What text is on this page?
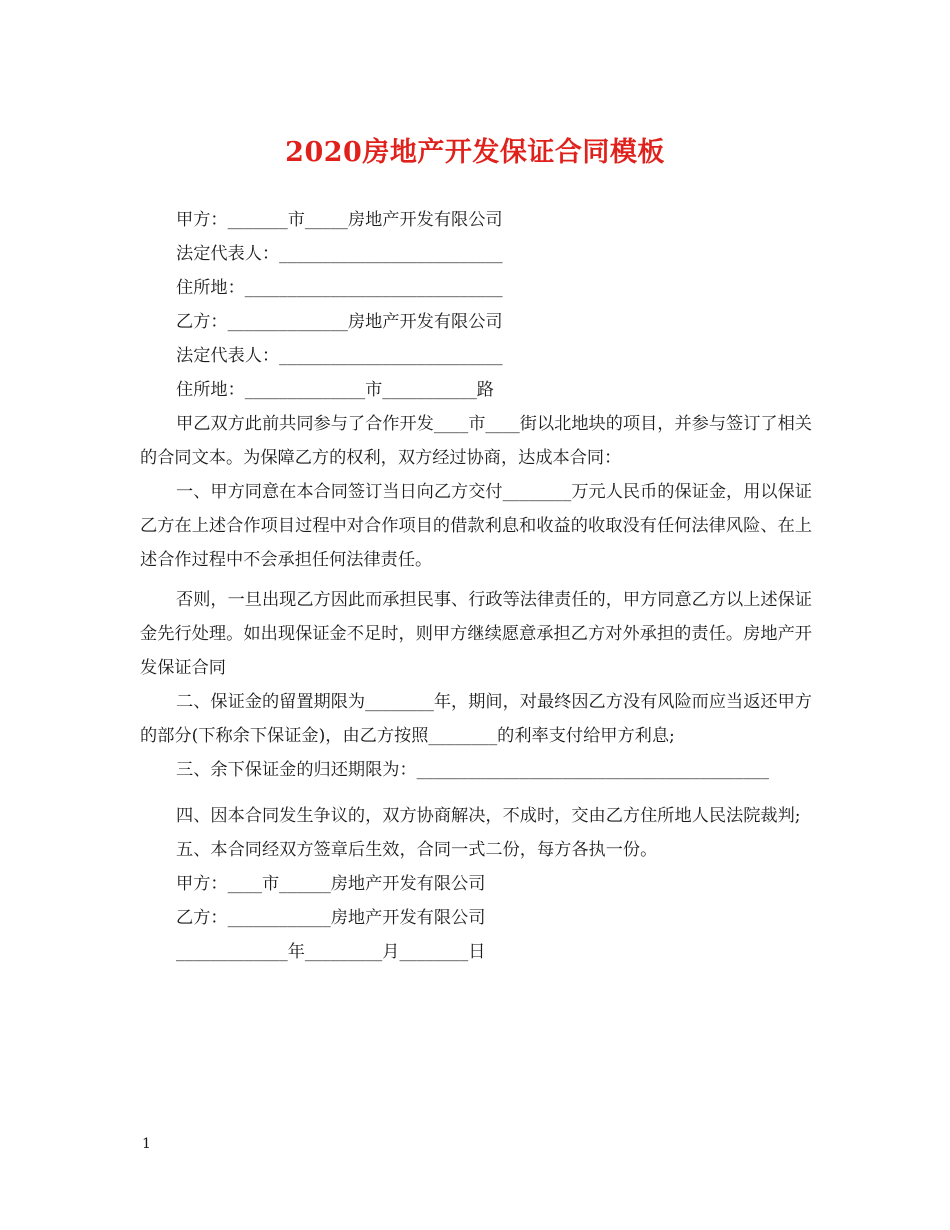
2020房地产开发保证合同模板
甲方：_______市_____房地产开发有限公司
法定代表人：__________________________
住所地：______________________________
乙方：______________房地产开发有限公司
法定代表人：__________________________
住所地：______________市___________路
甲乙双方此前共同参与了合作开发____市____街以北地块的项目，并参与签订了相关的合同文本。为保障乙方的权利，双方经过协商，达成本合同：
一、甲方同意在本合同签订当日向乙方交付________万元人民币的保证金，用以保证乙方在上述合作项目过程中对合作项目的借款利息和收益的收取没有任何法律风险、在上述合作过程中不会承担任何法律责任。
否则，一旦出现乙方因此而承担民事、行政等法律责任的，甲方同意乙方以上述保证金先行处理。如出现保证金不足时，则甲方继续愿意承担乙方对外承担的责任。房地产开发保证合同
二、保证金的留置期限为________年，期间，对最终因乙方没有风险而应当返还甲方的部分(下称余下保证金)，由乙方按照________的利率支付给甲方利息;
三、余下保证金的归还期限为：_________________________________________
四、因本合同发生争议的，双方协商解决，不成时，交由乙方住所地人民法院裁判;
五、本合同经双方签章后生效，合同一式二份，每方各执一份。
甲方：____市______房地产开发有限公司
乙方：____________房地产开发有限公司
_____________年_________月________日
1
